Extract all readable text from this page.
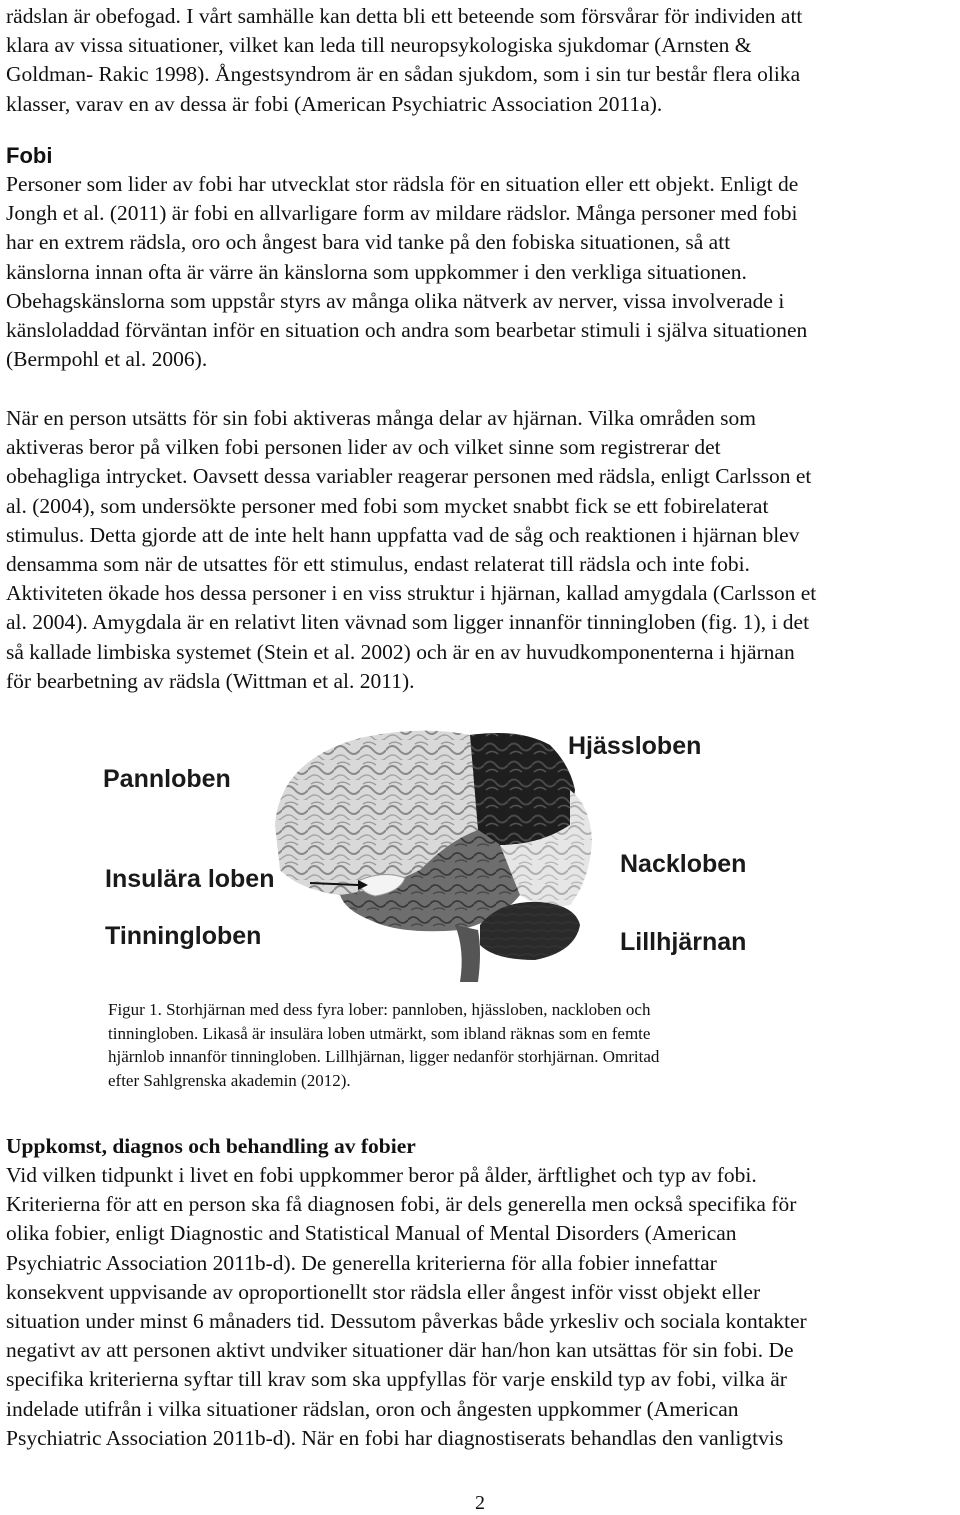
rädslan är obefogad. I vårt samhälle kan detta bli ett beteende som försvårar för individen att
klara av vissa situationer, vilket kan leda till neuropsykologiska sjukdomar (Arnsten &
Goldman- Rakic 1998). Ångestsyndrom är en sådan sjukdom, som i sin tur består flera olika
klasser, varav en av dessa är fobi (American Psychiatric Association 2011a).
Fobi
Personer som lider av fobi har utvecklat stor rädsla för en situation eller ett objekt. Enligt de
Jongh et al. (2011) är fobi en allvarligare form av mildare rädslor. Många personer med fobi
har en extrem rädsla, oro och ångest bara vid tanke på den fobiska situationen, så att
känslorna innan ofta är värre än känslorna som uppkommer i den verkliga situationen.
Obehagskänslorna som uppstår styrs av många olika nätverk av nerver, vissa involverade i
känsloladdad förväntan inför en situation och andra som bearbetar stimuli i själva situationen
(Bermpohl et al. 2006).
När en person utsätts för sin fobi aktiveras många delar av hjärnan. Vilka områden som
aktiveras beror på vilken fobi personen lider av och vilket sinne som registrerar det
obehagliga intrycket. Oavsett dessa variabler reagerar personen med rädsla, enligt Carlsson et
al. (2004), som undersökte personer med fobi som mycket snabbt fick se ett fobirelaterat
stimulus. Detta gjorde att de inte helt hann uppfatta vad de såg och reaktionen i hjärnan blev
densamma som när de utsattes för ett stimulus, endast relaterat till rädsla och inte fobi.
Aktiviteten ökade hos dessa personer i en viss struktur i hjärnan, kallad amygdala (Carlsson et
al. 2004). Amygdala är en relativt liten vävnad som ligger innanför tinningloben (fig. 1), i det
så kallade limbiska systemet (Stein et al. 2002) och är en av huvudkomponenterna i hjärnan
för bearbetning av rädsla (Wittman et al. 2011).
Pannloben
Hjässloben
Insulära loben
Nackloben
Tinningloben	Lillhjärnan
Figur 1. Storhjärnan med dess fyra lober: pannloben, hjässloben, nackloben och
tinningloben. Likaså är insulära loben utmärkt, som ibland räknas som en femte
hjärnlob innanför tinningloben. Lillhjärnan, ligger nedanför storhjärnan. Omritad
efter Sahlgrenska akademin (2012).
Uppkomst, diagnos och behandling av fobier
Vid vilken tidpunkt i livet en fobi uppkommer beror på ålder, ärftlighet och typ av fobi.
Kriterierna för att en person ska få diagnosen fobi, är dels generella men också specifika för
olika fobier, enligt Diagnostic and Statistical Manual of Mental Disorders (American
Psychiatric Association 2011b-d). De generella kriterierna för alla fobier innefattar
konsekvent uppvisande av oproportionellt stor rädsla eller ångest inför visst objekt eller
situation under minst 6 månaders tid. Dessutom påverkas både yrkesliv och sociala kontakter
negativt av att personen aktivt undviker situationer där han/hon kan utsättas för sin fobi. De
specifika kriterierna syftar till krav som ska uppfyllas för varje enskild typ av fobi, vilka är
indelade utifrån i vilka situationer rädslan, oron och ångesten uppkommer (American
Psychiatric Association 2011b-d). När en fobi har diagnostiserats behandlas den vanligtvis
2
